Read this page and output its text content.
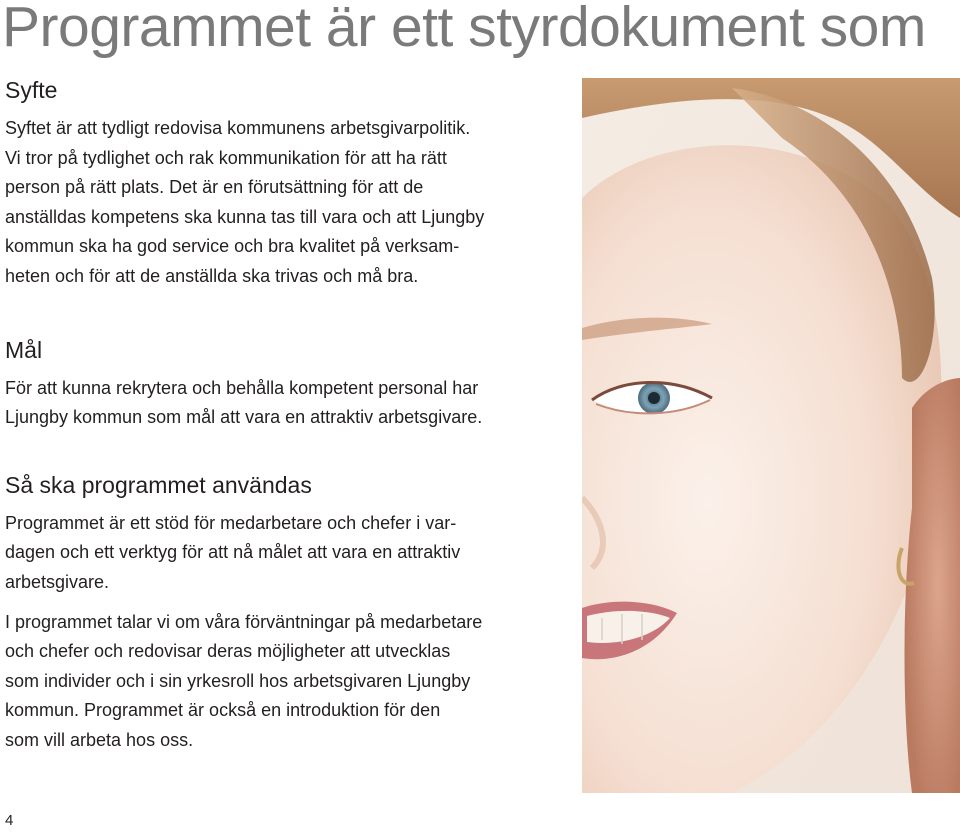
Programmet är ett styrdokument som
Syfte

Syftet är att tydligt redovisa kommunens arbetsgivarpolitik.
Vi tror på tydlighet och rak kommunikation för att ha rätt
person på rätt plats. Det är en förutsättning för att de
anställdas kompetens ska kunna tas till vara och att Ljungby
kommun ska ha god service och bra kvalitet på verksam-
heten och för att de anställda ska trivas och må bra.

Mål

För att kunna rekrytera och behålla kompetent personal har
Ljungby kommun som mål att vara en attraktiv arbetsgivare.

Så ska programmet användas

Programmet är ett stöd för medarbetare och chefer i var-
dagen och ett verktyg för att nå målet att vara en attraktiv
arbetsgivare.

I programmet talar vi om våra förväntningar på medarbetare
och chefer och redovisar deras möjligheter att utvecklas
som individer och i sin yrkesroll hos arbetsgivaren Ljungby
kommun. Programmet är också en introduktion för den
som vill arbeta hos oss.

4
